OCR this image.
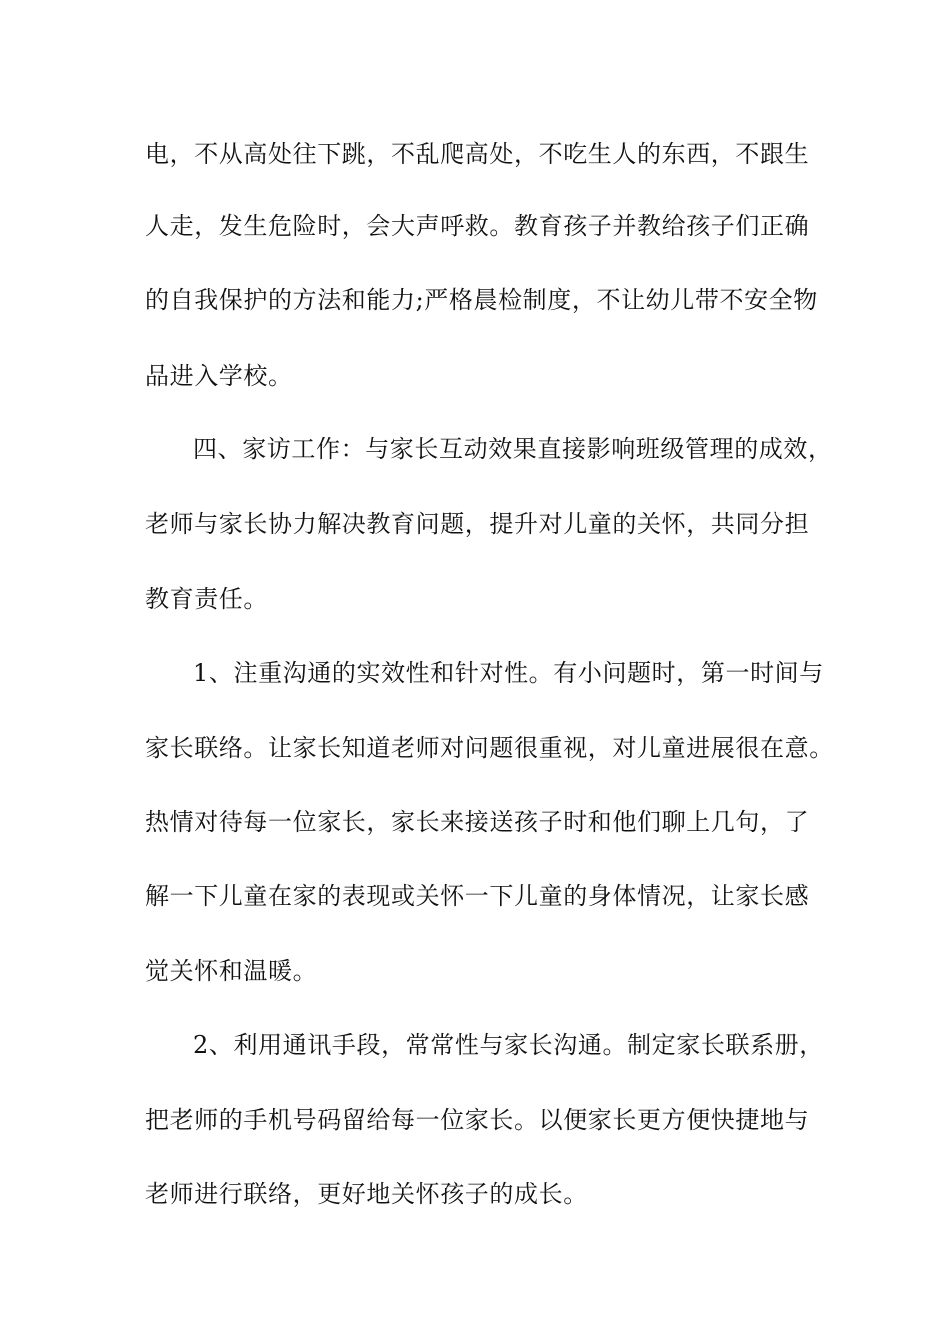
电，不从高处往下跳，不乱爬高处，不吃生人的东西，不跟生
人走，发生危险时，会大声呼救。教育孩子并教给孩子们正确
的自我保护的方法和能力;严格晨检制度，不让幼儿带不安全物
品进入学校。
四、家访工作：与家长互动效果直接影响班级管理的成效，
老师与家长协力解决教育问题，提升对儿童的关怀，共同分担
教育责任。
1、注重沟通的实效性和针对性。有小问题时，第一时间与
家长联络。让家长知道老师对问题很重视，对儿童进展很在意。
热情对待每一位家长，家长来接送孩子时和他们聊上几句，了
解一下儿童在家的表现或关怀一下儿童的身体情况，让家长感
觉关怀和温暖。
2、利用通讯手段，常常性与家长沟通。制定家长联系册，
把老师的手机号码留给每一位家长。以便家长更方便快捷地与
老师进行联络，更好地关怀孩子的成长。
